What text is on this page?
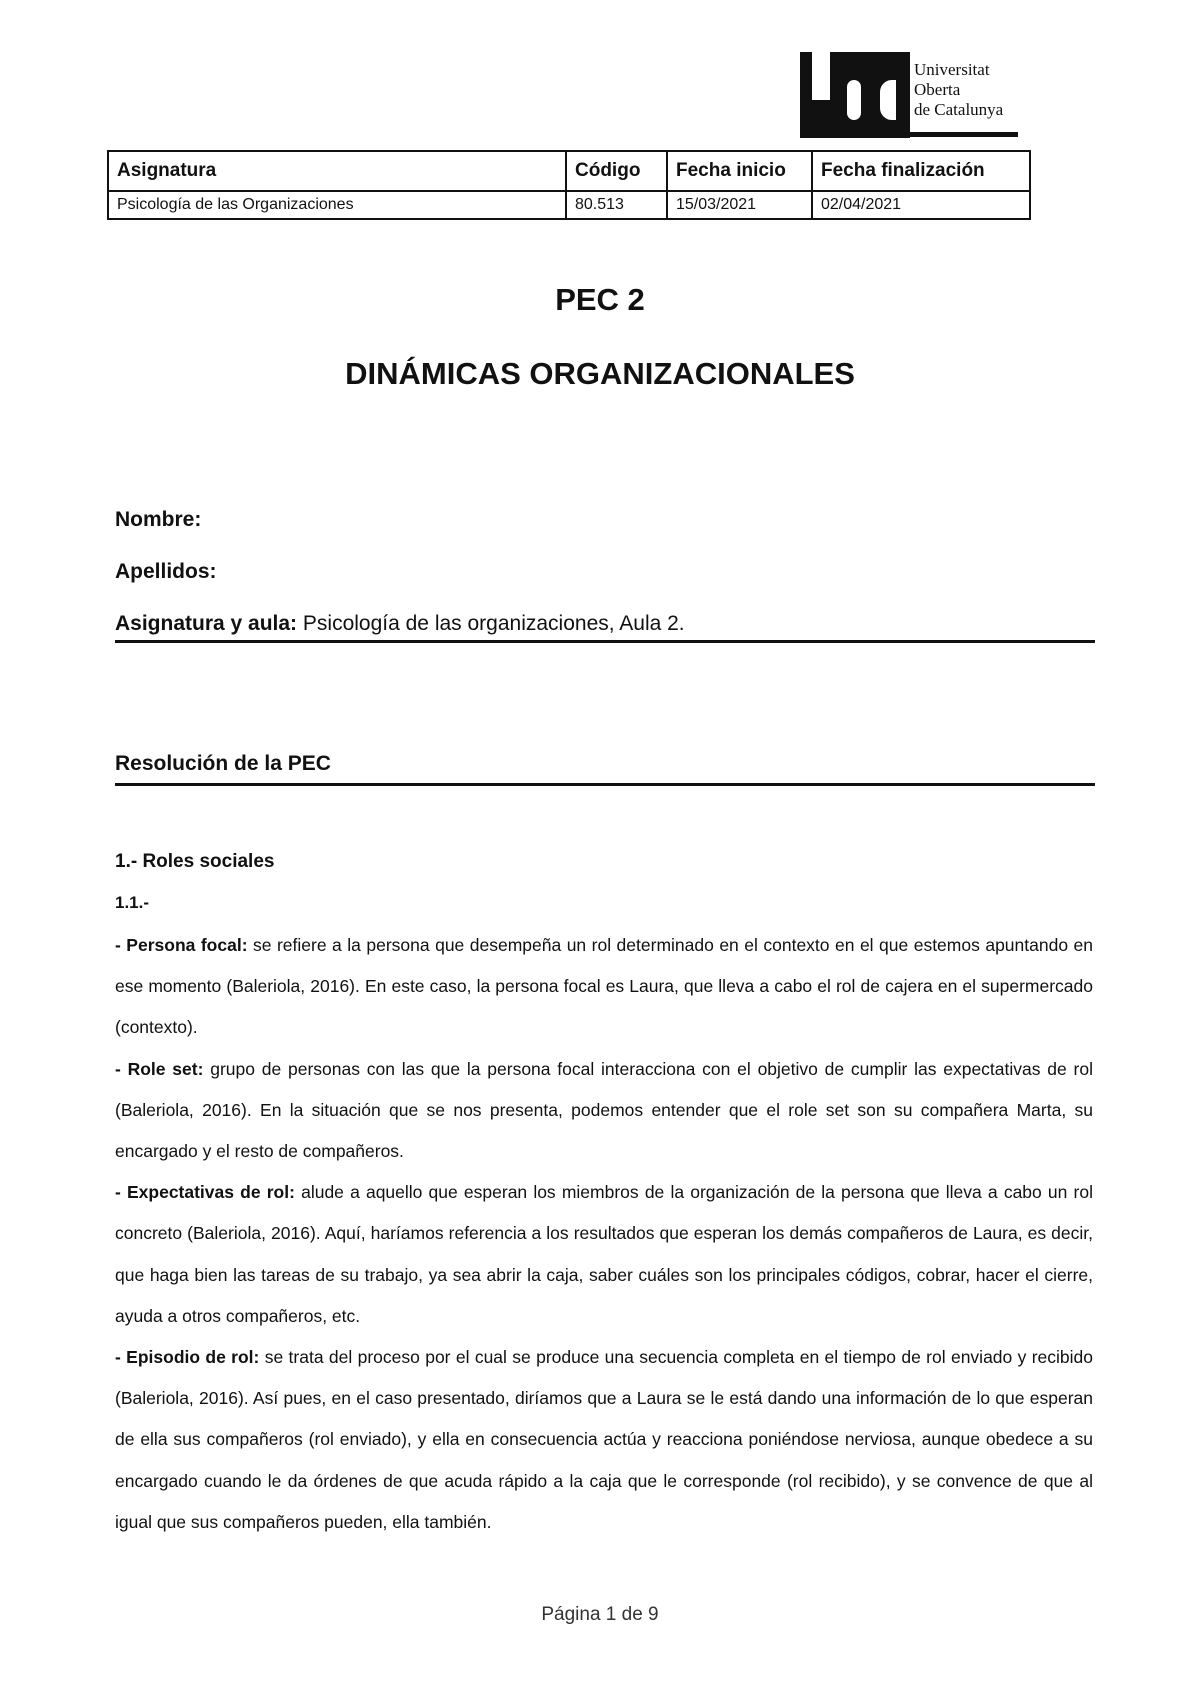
Universitat
Oberta
de Catalunya
Asignatura	Código	Fecha inicio	Fecha finalización
Psicología de las Organizaciones	80.513	15/03/2021	02/04/2021
PEC 2
DINÁMICAS ORGANIZACIONALES
Nombre:
Apellidos:
Asignatura y aula: Psicología de las organizaciones, Aula 2.
Resolución de la PEC
1.- Roles sociales
1.1.-

- Persona focal: se refiere a la persona que desempeña un rol determinado en el contexto en el que estemos apuntando en ese momento (Baleriola, 2016). En este caso, la persona focal es Laura, que lleva a cabo el rol de cajera en el supermercado (contexto).

- Role set: grupo de personas con las que la persona focal interacciona con el objetivo de cumplir las expectativas de rol (Baleriola, 2016). En la situación que se nos presenta, podemos entender que el role set son su compañera Marta, su encargado y el resto de compañeros.

- Expectativas de rol: alude a aquello que esperan los miembros de la organización de la persona que lleva a cabo un rol concreto (Baleriola, 2016). Aquí, haríamos referencia a los resultados que esperan los demás compañeros de Laura, es decir, que haga bien las tareas de su trabajo, ya sea abrir la caja, saber cuáles son los principales códigos, cobrar, hacer el cierre, ayuda a otros compañeros, etc.

- Episodio de rol: se trata del proceso por el cual se produce una secuencia completa en el tiempo de rol enviado y recibido (Baleriola, 2016). Así pues, en el caso presentado, diríamos que a Laura se le está dando una información de lo que esperan de ella sus compañeros (rol enviado), y ella en consecuencia actúa y reacciona poniéndose nerviosa, aunque obedece a su encargado cuando le da órdenes de que acuda rápido a la caja que le corresponde (rol recibido), y se convence de que al igual que sus compañeros pueden, ella también.

Página 1 de 9
